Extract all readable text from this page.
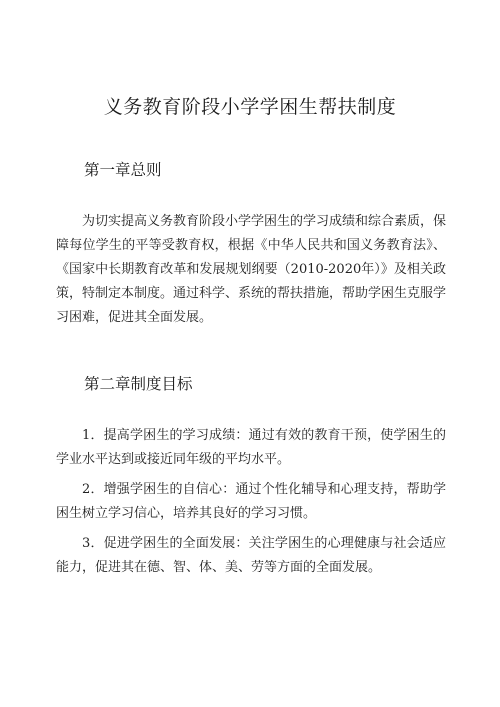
义务教育阶段小学学困生帮扶制度
第一章总则

为切实提高义务教育阶段小学学困生的学习成绩和综合素质，保障每位学生的平等受教育权，根据《中华人民共和国义务教育法》、《国家中长期教育改革和发展规划纲要（2010-2020年）》及相关政策，特制定本制度。通过科学、系统的帮扶措施，帮助学困生克服学习困难，促进其全面发展。

第二章制度目标
1．提高学困生的学习成绩：通过有效的教育干预，使学困生的学业水平达到或接近同年级的平均水平。
2．增强学困生的自信心：通过个性化辅导和心理支持，帮助学困生树立学习信心，培养其良好的学习习惯。
3．促进学困生的全面发展：关注学困生的心理健康与社会适应能力，促进其在德、智、体、美、劳等方面的全面发展。
